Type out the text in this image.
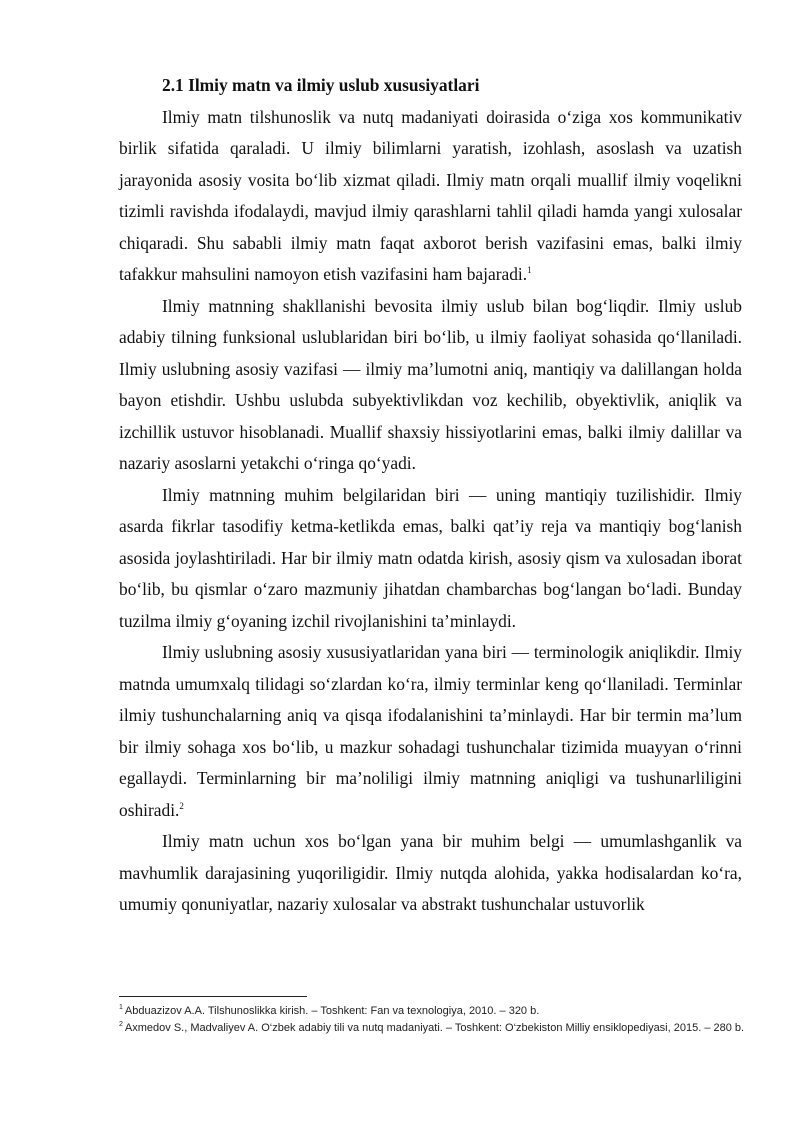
2.1 Ilmiy matn va ilmiy uslub xususiyatlari

Ilmiy matn tilshunoslik va nutq madaniyati doirasida o‘ziga xos kommunikativ birlik sifatida qaraladi. U ilmiy bilimlarni yaratish, izohlash, asoslash va uzatish jarayonida asosiy vosita bo‘lib xizmat qiladi. Ilmiy matn orqali muallif ilmiy voqelikni tizimli ravishda ifodalaydi, mavjud ilmiy qarashlarni tahlil qiladi hamda yangi xulosalar chiqaradi. Shu sababli ilmiy matn faqat axborot berish vazifasini emas, balki ilmiy tafakkur mahsulini namoyon etish vazifasini ham bajaradi.$^1$

Ilmiy matnning shakllanishi bevosita ilmiy uslub bilan bog‘liqdir. Ilmiy uslub adabiy tilning funksional uslublaridan biri bo‘lib, u ilmiy faoliyat sohasida qo‘llaniladi. Ilmiy uslubning asosiy vazifasi — ilmiy ma’lumotni aniq, mantiqiy va dalillangan holda bayon etishdir. Ushbu uslubda subyektivlikdan voz kechilib, obyektivlik, aniqlik va izchillik ustuvor hisoblanadi. Muallif shaxsiy hissiyotlarini emas, balki ilmiy dalillar va nazariy asoslarni yetakchi o‘ringa qo‘yadi.

Ilmiy matnning muhim belgilaridan biri — uning mantiqiy tuzilishidir. Ilmiy asarda fikrlar tasodifiy ketma-ketlikda emas, balki qat’iy reja va mantiqiy bog‘lanish asosida joylashtiriladi. Har bir ilmiy matn odatda kirish, asosiy qism va xulosadan iborat bo‘lib, bu qismlar o‘zaro mazmuniy jihatdan chambarchas bog‘langan bo‘ladi. Bunday tuzilma ilmiy g‘oyaning izchil rivojlanishini ta’minlaydi.

Ilmiy uslubning asosiy xususiyatlaridan yana biri — terminologik aniqlikdir. Ilmiy matnda umumxalq tilidagi so‘zlardan ko‘ra, ilmiy terminlar keng qo‘llaniladi. Terminlar ilmiy tushunchalarning aniq va qisqa ifodalanishini ta’minlaydi. Har bir termin ma’lum bir ilmiy sohaga xos bo‘lib, u mazkur sohadagi tushunchalar tizimida muayyan o‘rinni egallaydi. Terminlarning bir ma’noliligi ilmiy matnning aniqligi va tushunarliligini oshiradi.$^2$

Ilmiy matn uchun xos bo‘lgan yana bir muhim belgi — umumlashganlik va mavhumlik darajasining yuqoriligidir. Ilmiy nutqda alohida, yakka hodisalardan ko‘ra, umumiy qonuniyatlar, nazariy xulosalar va abstrakt tushunchalar ustuvorlik

$^1$ Abduazizov A.A. Tilshunoslikka kirish. – Toshkent: Fan va texnologiya, 2010. – 320 b.

$^2$ Axmedov S., Madvaliyev A. O‘zbek adabiy tili va nutq madaniyati. – Toshkent: O‘zbekiston Milliy ensiklopediyasi, 2015. – 280 b.
